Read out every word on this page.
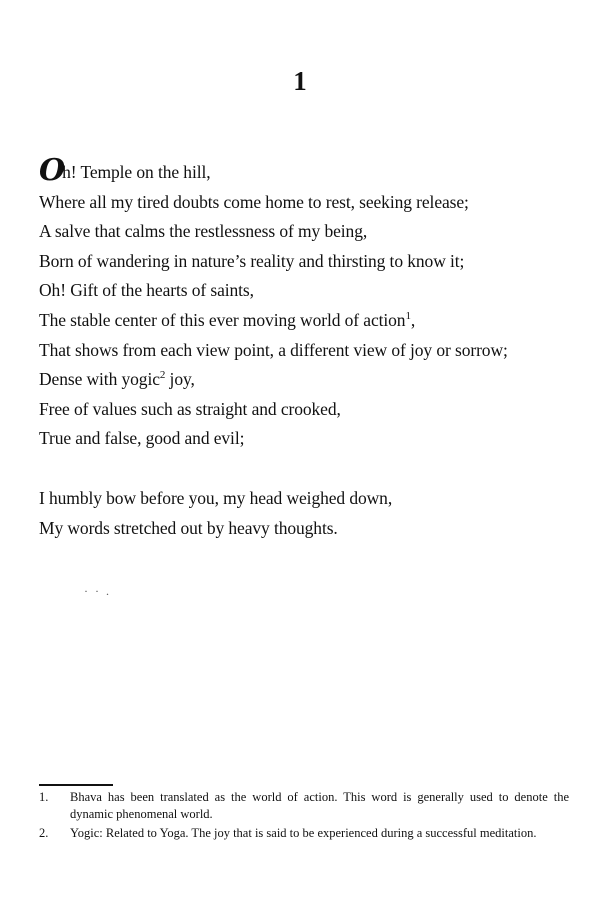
1
Oh! Temple on the hill,
Where all my tired doubts come home to rest, seeking release;
A salve that calms the restlessness of my being,
Born of wandering in nature’s reality and thirsting to know it;
Oh! Gift of the hearts of saints,
The stable center of this ever moving world of action$^1$,
That shows from each view point, a different view of joy or sorrow;
Dense with yogic$^2$ joy,
Free of values such as straight and crooked,
True and false, good and evil;
I humbly bow before you, my head weighed down,
My words stretched out by heavy thoughts.
· · .
1.	Bhava has been translated as the world of action. This word is generally used to denote the dynamic phenomenal world.
2.	Yogic: Related to Yoga. The joy that is said to be experienced during a successful meditation.
